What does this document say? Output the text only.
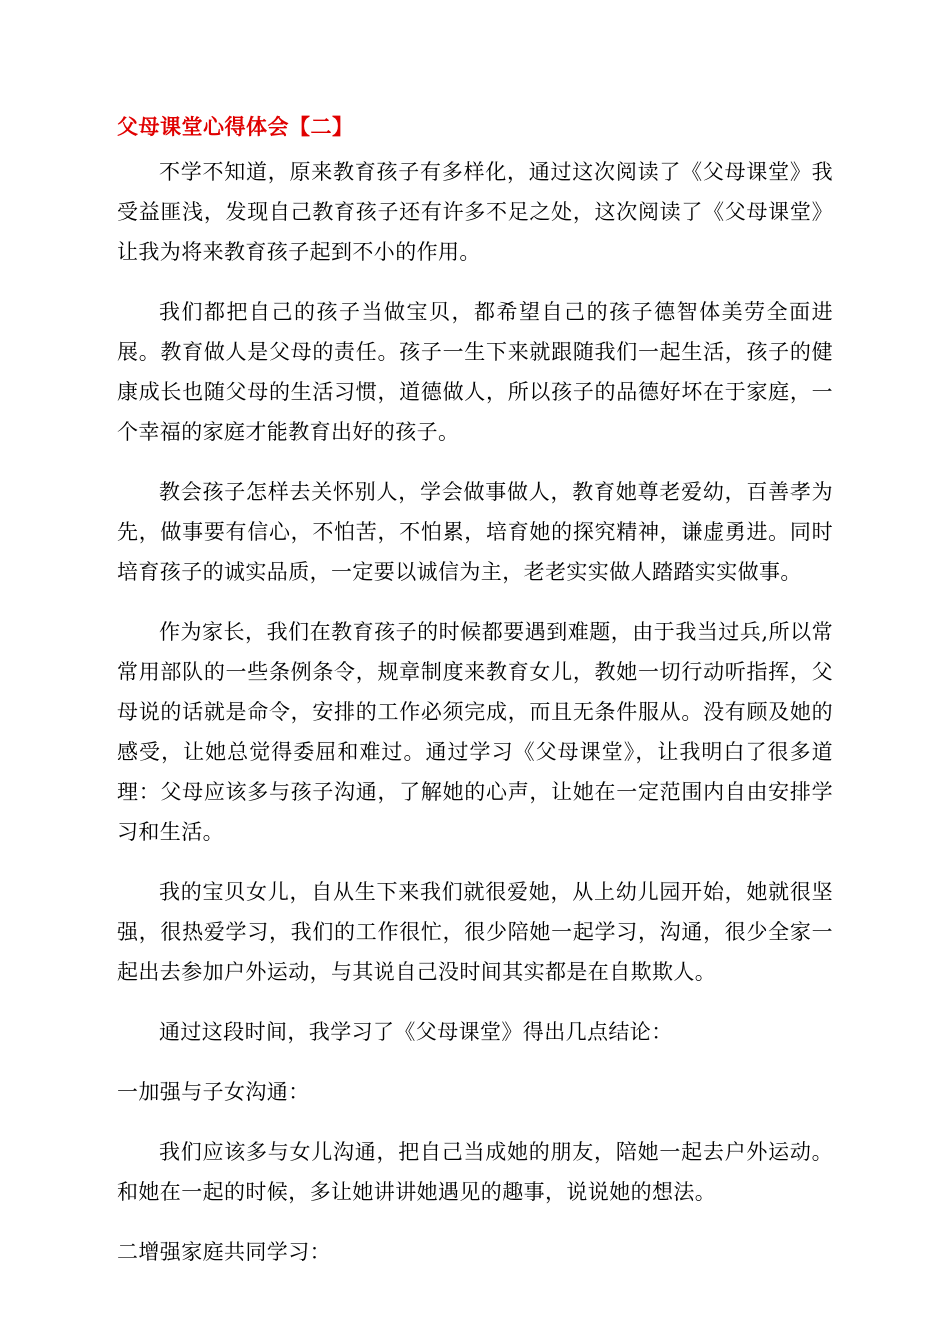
父母课堂心得体会【二】

不学不知道，原来教育孩子有多样化，通过这次阅读了《父母课堂》我受益匪浅，发现自己教育孩子还有许多不足之处，这次阅读了《父母课堂》让我为将来教育孩子起到不小的作用。

我们都把自己的孩子当做宝贝，都希望自己的孩子德智体美劳全面进展。教育做人是父母的责任。孩子一生下来就跟随我们一起生活，孩子的健康成长也随父母的生活习惯，道德做人，所以孩子的品德好坏在于家庭，一个幸福的家庭才能教育出好的孩子。

教会孩子怎样去关怀别人，学会做事做人，教育她尊老爱幼，百善孝为先，做事要有信心，不怕苦，不怕累，培育她的探究精神，谦虚勇进。同时培育孩子的诚实品质，一定要以诚信为主，老老实实做人踏踏实实做事。

作为家长，我们在教育孩子的时候都要遇到难题，由于我当过兵,所以常常用部队的一些条例条令，规章制度来教育女儿，教她一切行动听指挥，父母说的话就是命令，安排的工作必须完成，而且无条件服从。没有顾及她的感受，让她总觉得委屈和难过。通过学习《父母课堂》，让我明白了很多道理：父母应该多与孩子沟通，了解她的心声，让她在一定范围内自由安排学习和生活。

我的宝贝女儿，自从生下来我们就很爱她，从上幼儿园开始，她就很坚强，很热爱学习，我们的工作很忙，很少陪她一起学习，沟通，很少全家一起出去参加户外运动，与其说自己没时间其实都是在自欺欺人。

通过这段时间，我学习了《父母课堂》得出几点结论：

一加强与子女沟通：

我们应该多与女儿沟通，把自己当成她的朋友，陪她一起去户外运动。和她在一起的时候，多让她讲讲她遇见的趣事，说说她的想法。

二增强家庭共同学习：
